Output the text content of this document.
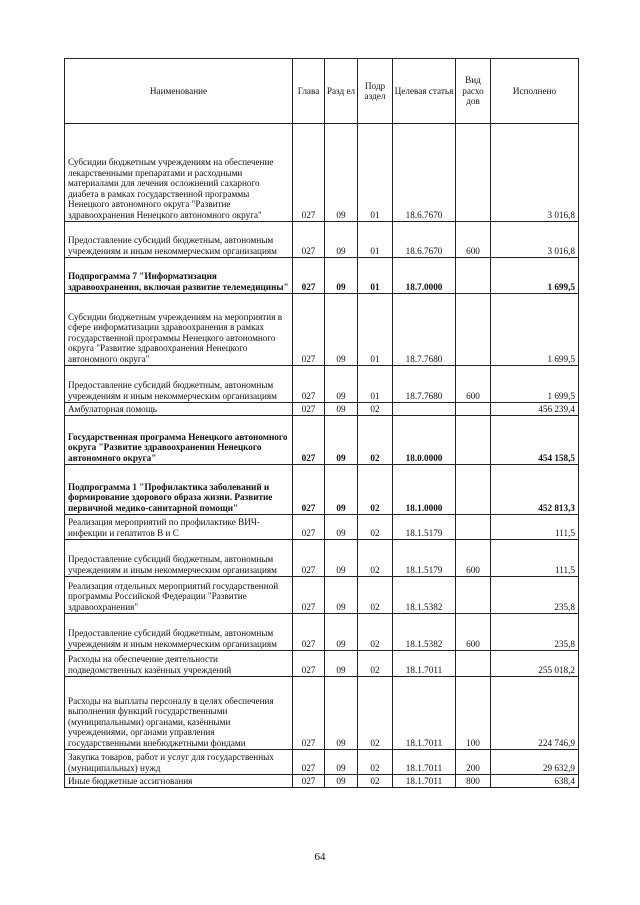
Наименование	Глава	Разд ел	Подр аздел	Целевая статья	Вид расхо дов	Исполнено
Субсидии бюджетным учреждениям на обеспечение лекарственными препаратами и расходными материалами для лечения осложнений сахарного диабета в рамках государственной программы Ненецкого автономного округа "Развитие здравоохранения Ненецкого автономного округа"	027	09	01	18.6.7670		3 016,8
Предоставление субсидий бюджетным, автономным учреждениям и иным некоммерческим организациям	027	09	01	18.6.7670	600	3 016,8
Подпрограмма 7 "Информатизация здравоохранения, включая развитие телемедицины"	027	09	01	18.7.0000		1 699,5
Субсидии бюджетным учреждениям на мероприятия в сфере информатизации здравоохранения в рамках государственной программы Ненецкого автономного округа "Развитие здравоохранения Ненецкого автономного округа"	027	09	01	18.7.7680		1 699,5
Предоставление субсидий бюджетным, автономным учреждениям и иным некоммерческим организациям	027	09	01	18.7.7680	600	1 699,5
Амбулаторная помощь	027	09	02			456 239,4
Государственная программа Ненецкого автономного округа "Развитие здравоохранения Ненецкого автономного округа"	027	09	02	18.0.0000		454 158,5
Подпрограмма 1 "Профилактика заболеваний и формирование здорового образа жизни. Развитие первичной медико-санитарной помощи"	027	09	02	18.1.0000		452 813,3
Реализация мероприятий по профилактике ВИЧ-инфекции и гепатитов B и C	027	09	02	18.1.5179		111,5
Предоставление субсидий бюджетным, автономным учреждениям и иным некоммерческим организациям	027	09	02	18.1.5179	600	111,5
Реализация отдельных мероприятий государственной программы Российской Федерации "Развитие здравоохранения"	027	09	02	18.1.5382		235,8
Предоставление субсидий бюджетным, автономным учреждениям и иным некоммерческим организациям	027	09	02	18.1.5382	600	235,8
Расходы на обеспечение деятельности подведомственных казённых учреждений	027	09	02	18.1.7011		255 018,2
Расходы на выплаты персоналу в целях обеспечения выполнения функций государственными (муниципальными) органами, казёнными учреждениями, органами управления государственными внебюджетными фондами	027	09	02	18.1.7011	100	224 746,9
Закупка товаров, работ и услуг для государственных (муниципальных) нужд	027	09	02	18.1.7011	200	29 632,9
Иные бюджетные ассигнования	027	09	02	18.1.7011	800	638,4
64
